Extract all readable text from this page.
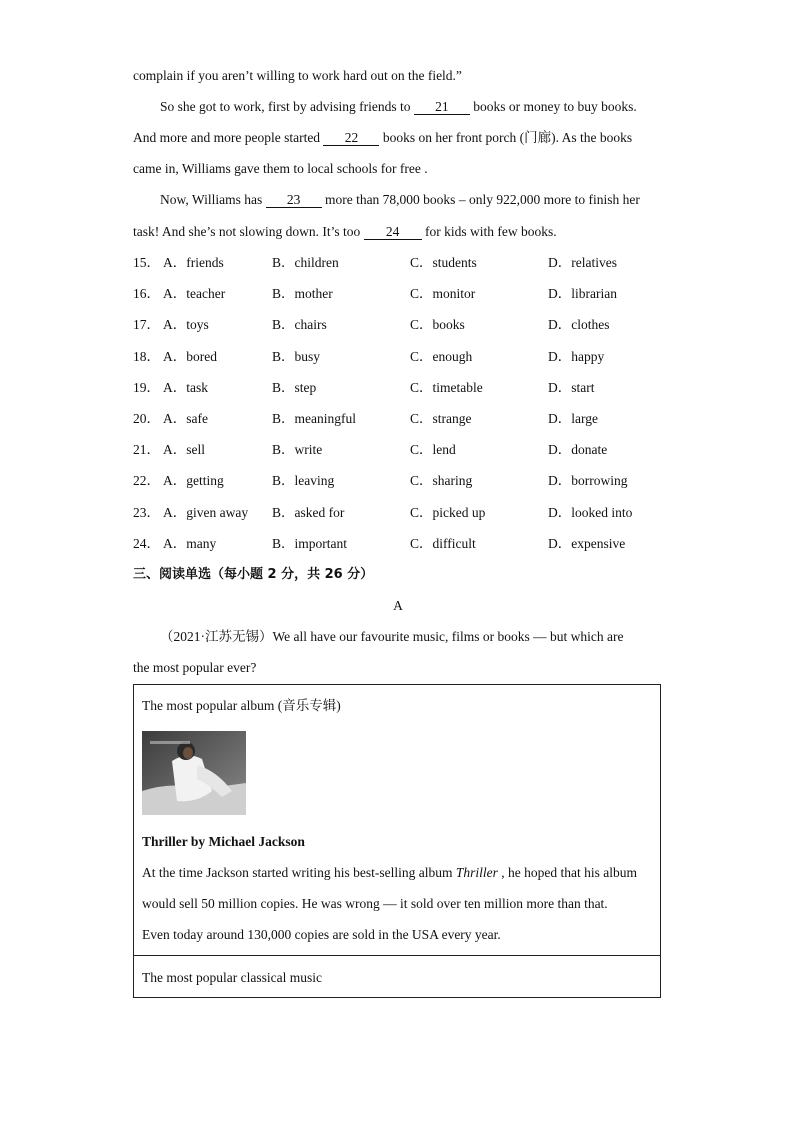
complain if you aren’t willing to work hard out on the field.”
So she got to work, first by advising friends to 21 books or money to buy books.
And more and more people started 22 books on her front porch (门廊). As the books
came in, Williams gave them to local schools for free .
Now, Williams has 23 more than 78,000 books – only 922,000 more to finish her
task! And she’s not slowing down. It’s too 24 for kids with few books.
15． A．friends	B．children	C．students	D．relatives
16． A．teacher	B．mother	C．monitor	D．librarian
17． A．toys	B．chairs	C．books	D．clothes
18． A．bored	B．busy	C．enough	D．happy
19． A．task	B．step	C．timetable	D．start
20． A．safe	B．meaningful	C．strange	D．large
21． A．sell	B．write	C．lend	D．donate
22． A．getting	B．leaving	C．sharing	D．borrowing
23． A．given away B．asked for	C．picked up	D．looked into
24． A．many	B．important	C．difficult	D．expensive
三、阅读单选（每小题 2 分，共 26 分）
A
（2021·江苏无锡）We all have our favourite music, films or books — but which are
the most popular ever?
The most popular album (音乐专辑)
Thriller by Michael Jackson
At the time Jackson started writing his best-selling album Thriller , he hoped that his album
would sell 50 million copies. He was wrong — it sold over ten million more than that.
Even today around 130,000 copies are sold in the USA every year.
The most popular classical music
